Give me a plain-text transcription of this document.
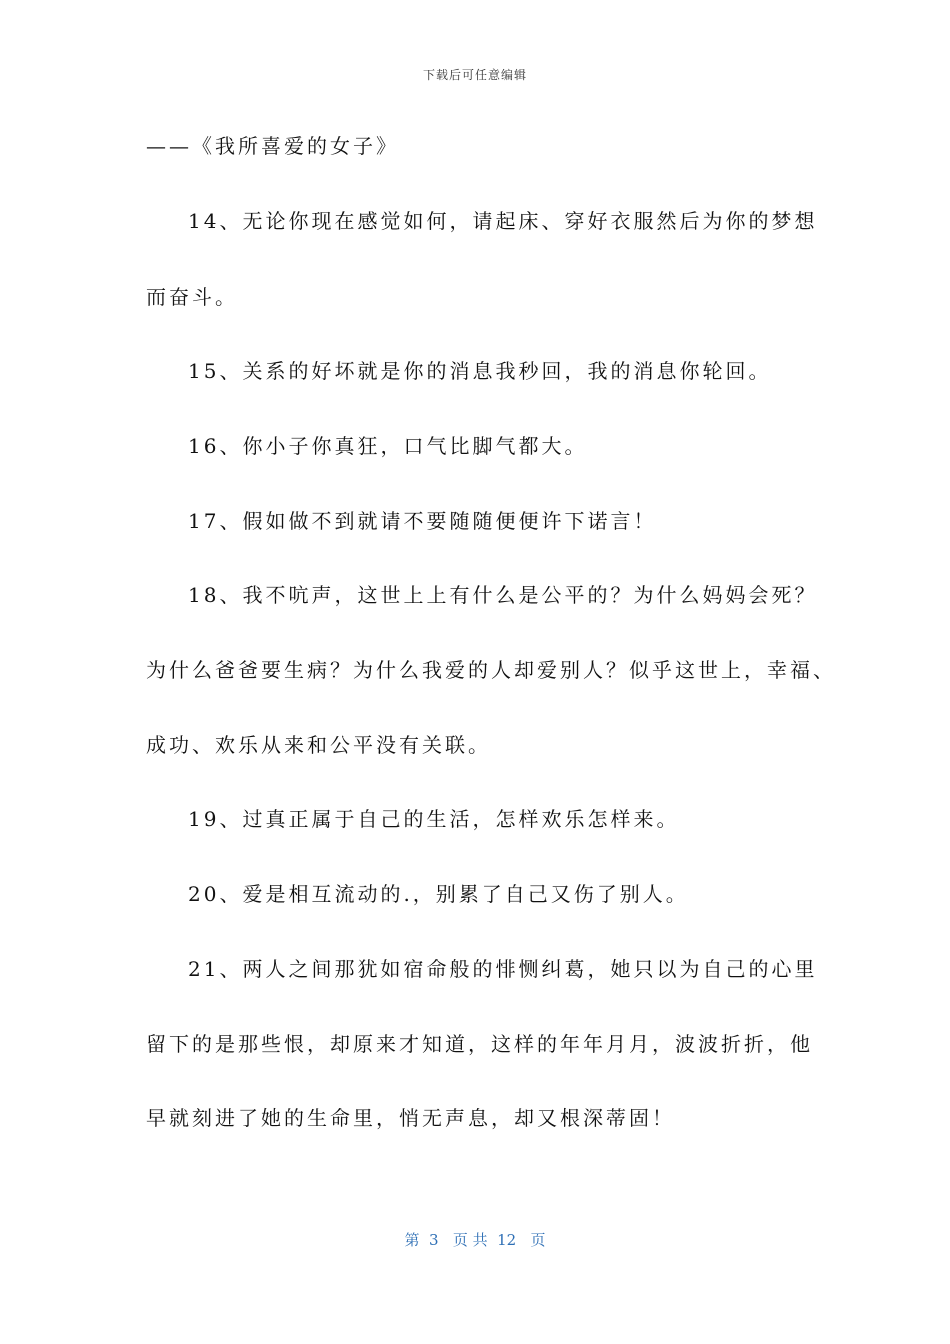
下载后可任意编辑
——《我所喜爱的女子》
14、无论你现在感觉如何，请起床、穿好衣服然后为你的梦想
而奋斗。
15、关系的好坏就是你的消息我秒回，我的消息你轮回。
16、你小子你真狂，口气比脚气都大。
17、假如做不到就请不要随随便便许下诺言！
18、我不吭声，这世上上有什么是公平的？为什么妈妈会死？
为什么爸爸要生病？为什么我爱的人却爱别人？似乎这世上，幸福、
成功、欢乐从来和公平没有关联。
19、过真正属于自己的生活，怎样欢乐怎样来。
20、爱是相互流动的.，别累了自己又伤了别人。
21、两人之间那犹如宿命般的悱恻纠葛，她只以为自己的心里
留下的是那些恨，却原来才知道，这样的年年月月，波波折折，他
早就刻进了她的生命里，悄无声息，却又根深蒂固！
第  3   页 共  12   页
